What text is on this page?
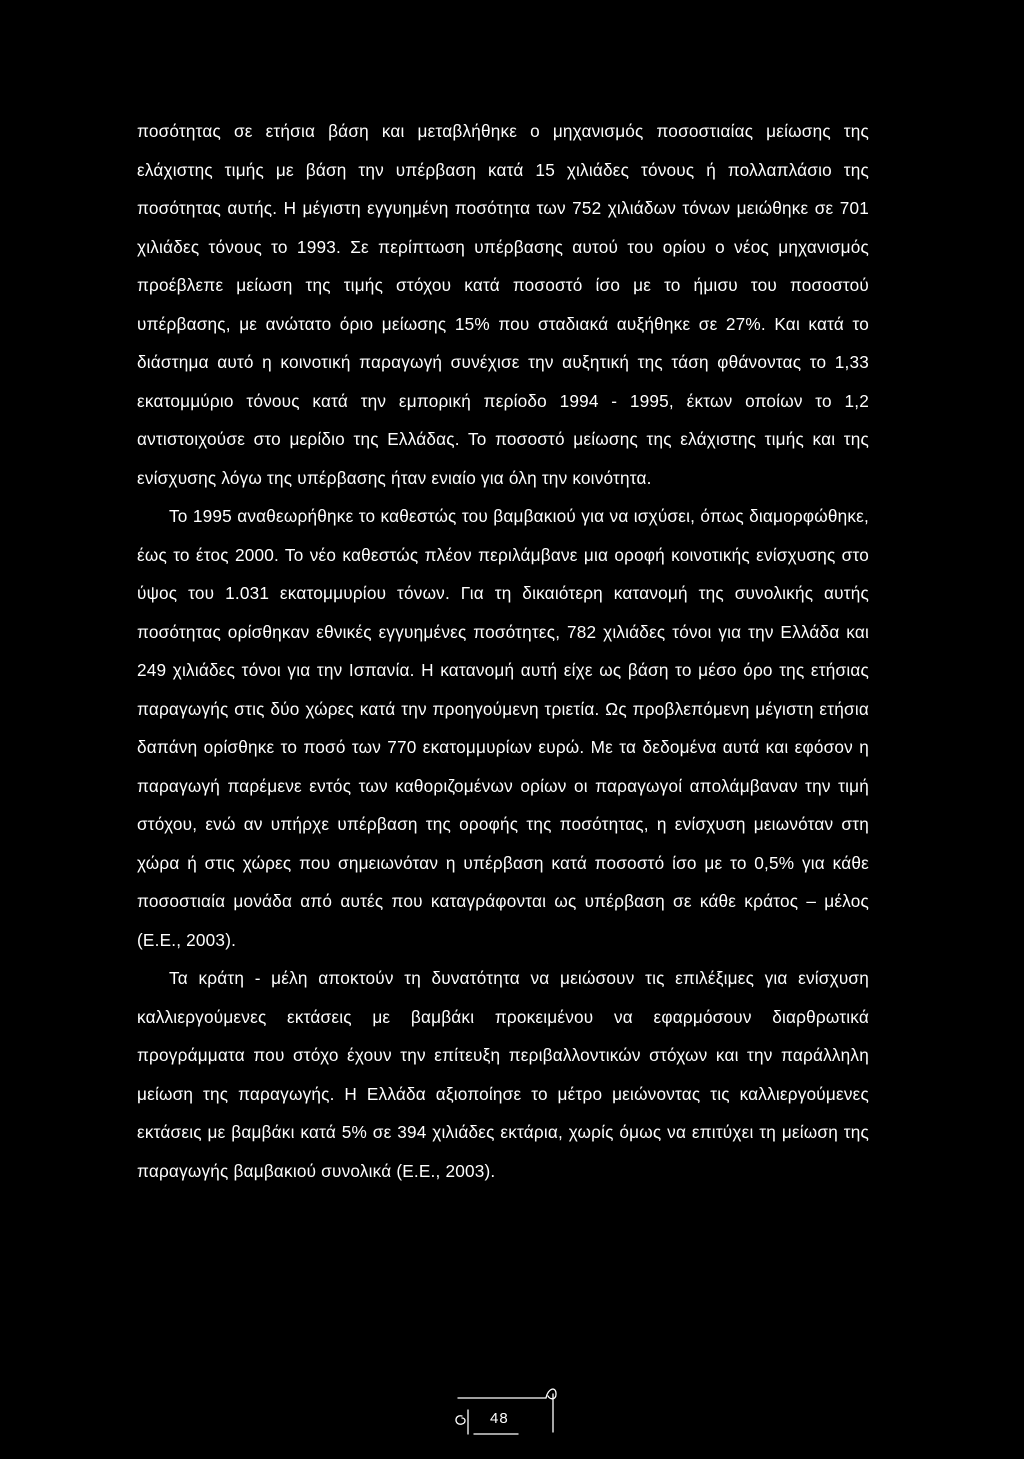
ποσότητας σε ετήσια βάση και μεταβλήθηκε ο μηχανισμός ποσοστιαίας μείωσης της ελάχιστης τιμής με βάση την υπέρβαση κατά 15 χιλιάδες τόνους ή πολλαπλάσιο της ποσότητας αυτής. Η μέγιστη εγγυημένη ποσότητα των 752 χιλιάδων τόνων μειώθηκε σε 701 χιλιάδες τόνους το 1993. Σε περίπτωση υπέρβασης αυτού του ορίου ο νέος μηχανισμός προέβλεπε μείωση της τιμής στόχου κατά ποσοστό ίσο με το ήμισυ του ποσοστού υπέρβασης, με ανώτατο όριο μείωσης 15% που σταδιακά αυξήθηκε σε 27%. Και κατά το διάστημα αυτό η κοινοτική παραγωγή συνέχισε την αυξητική της τάση φθάνοντας το 1,33 εκατομμύριο τόνους κατά την εμπορική περίοδο 1994 - 1995, έκτων οποίων το 1,2 αντιστοιχούσε στο μερίδιο της Ελλάδας. Το ποσοστό μείωσης της ελάχιστης τιμής και της ενίσχυσης λόγω της υπέρβασης ήταν ενιαίο για όλη την κοινότητα.

Το 1995 αναθεωρήθηκε το καθεστώς του βαμβακιού για να ισχύσει, όπως διαμορφώθηκε, έως το έτος 2000. Το νέο καθεστώς πλέον περιλάμβανε μια οροφή κοινοτικής ενίσχυσης στο ύψος του 1.031 εκατομμυρίου τόνων. Για τη δικαιότερη κατανομή της συνολικής αυτής ποσότητας ορίσθηκαν εθνικές εγγυημένες ποσότητες, 782 χιλιάδες τόνοι για την Ελλάδα και 249 χιλιάδες τόνοι για την Ισπανία. Η κατανομή αυτή είχε ως βάση το μέσο όρο της ετήσιας παραγωγής στις δύο χώρες κατά την προηγούμενη τριετία. Ως προβλεπόμενη μέγιστη ετήσια δαπάνη ορίσθηκε το ποσό των 770 εκατομμυρίων ευρώ. Με τα δεδομένα αυτά και εφόσον η παραγωγή παρέμενε εντός των καθοριζομένων ορίων οι παραγωγοί απολάμβαναν την τιμή στόχου, ενώ αν υπήρχε υπέρβαση της οροφής της ποσότητας, η ενίσχυση μειωνόταν στη χώρα ή στις χώρες που σημειωνόταν η υπέρβαση κατά ποσοστό ίσο με το 0,5% για κάθε ποσοστιαία μονάδα από αυτές που καταγράφονται ως υπέρβαση σε κάθε κράτος – μέλος (Ε.Ε., 2003).

Τα κράτη - μέλη αποκτούν τη δυνατότητα να μειώσουν τις επιλέξιμες για ενίσχυση καλλιεργούμενες εκτάσεις με βαμβάκι προκειμένου να εφαρμόσουν διαρθρωτικά προγράμματα που στόχο έχουν την επίτευξη περιβαλλοντικών στόχων και την παράλληλη μείωση της παραγωγής. Η Ελλάδα αξιοποίησε το μέτρο μειώνοντας τις καλλιεργούμενες εκτάσεις με βαμβάκι κατά 5% σε 394 χιλιάδες εκτάρια, χωρίς όμως να επιτύχει τη μείωση της παραγωγής βαμβακιού συνολικά (Ε.Ε., 2003).

48
